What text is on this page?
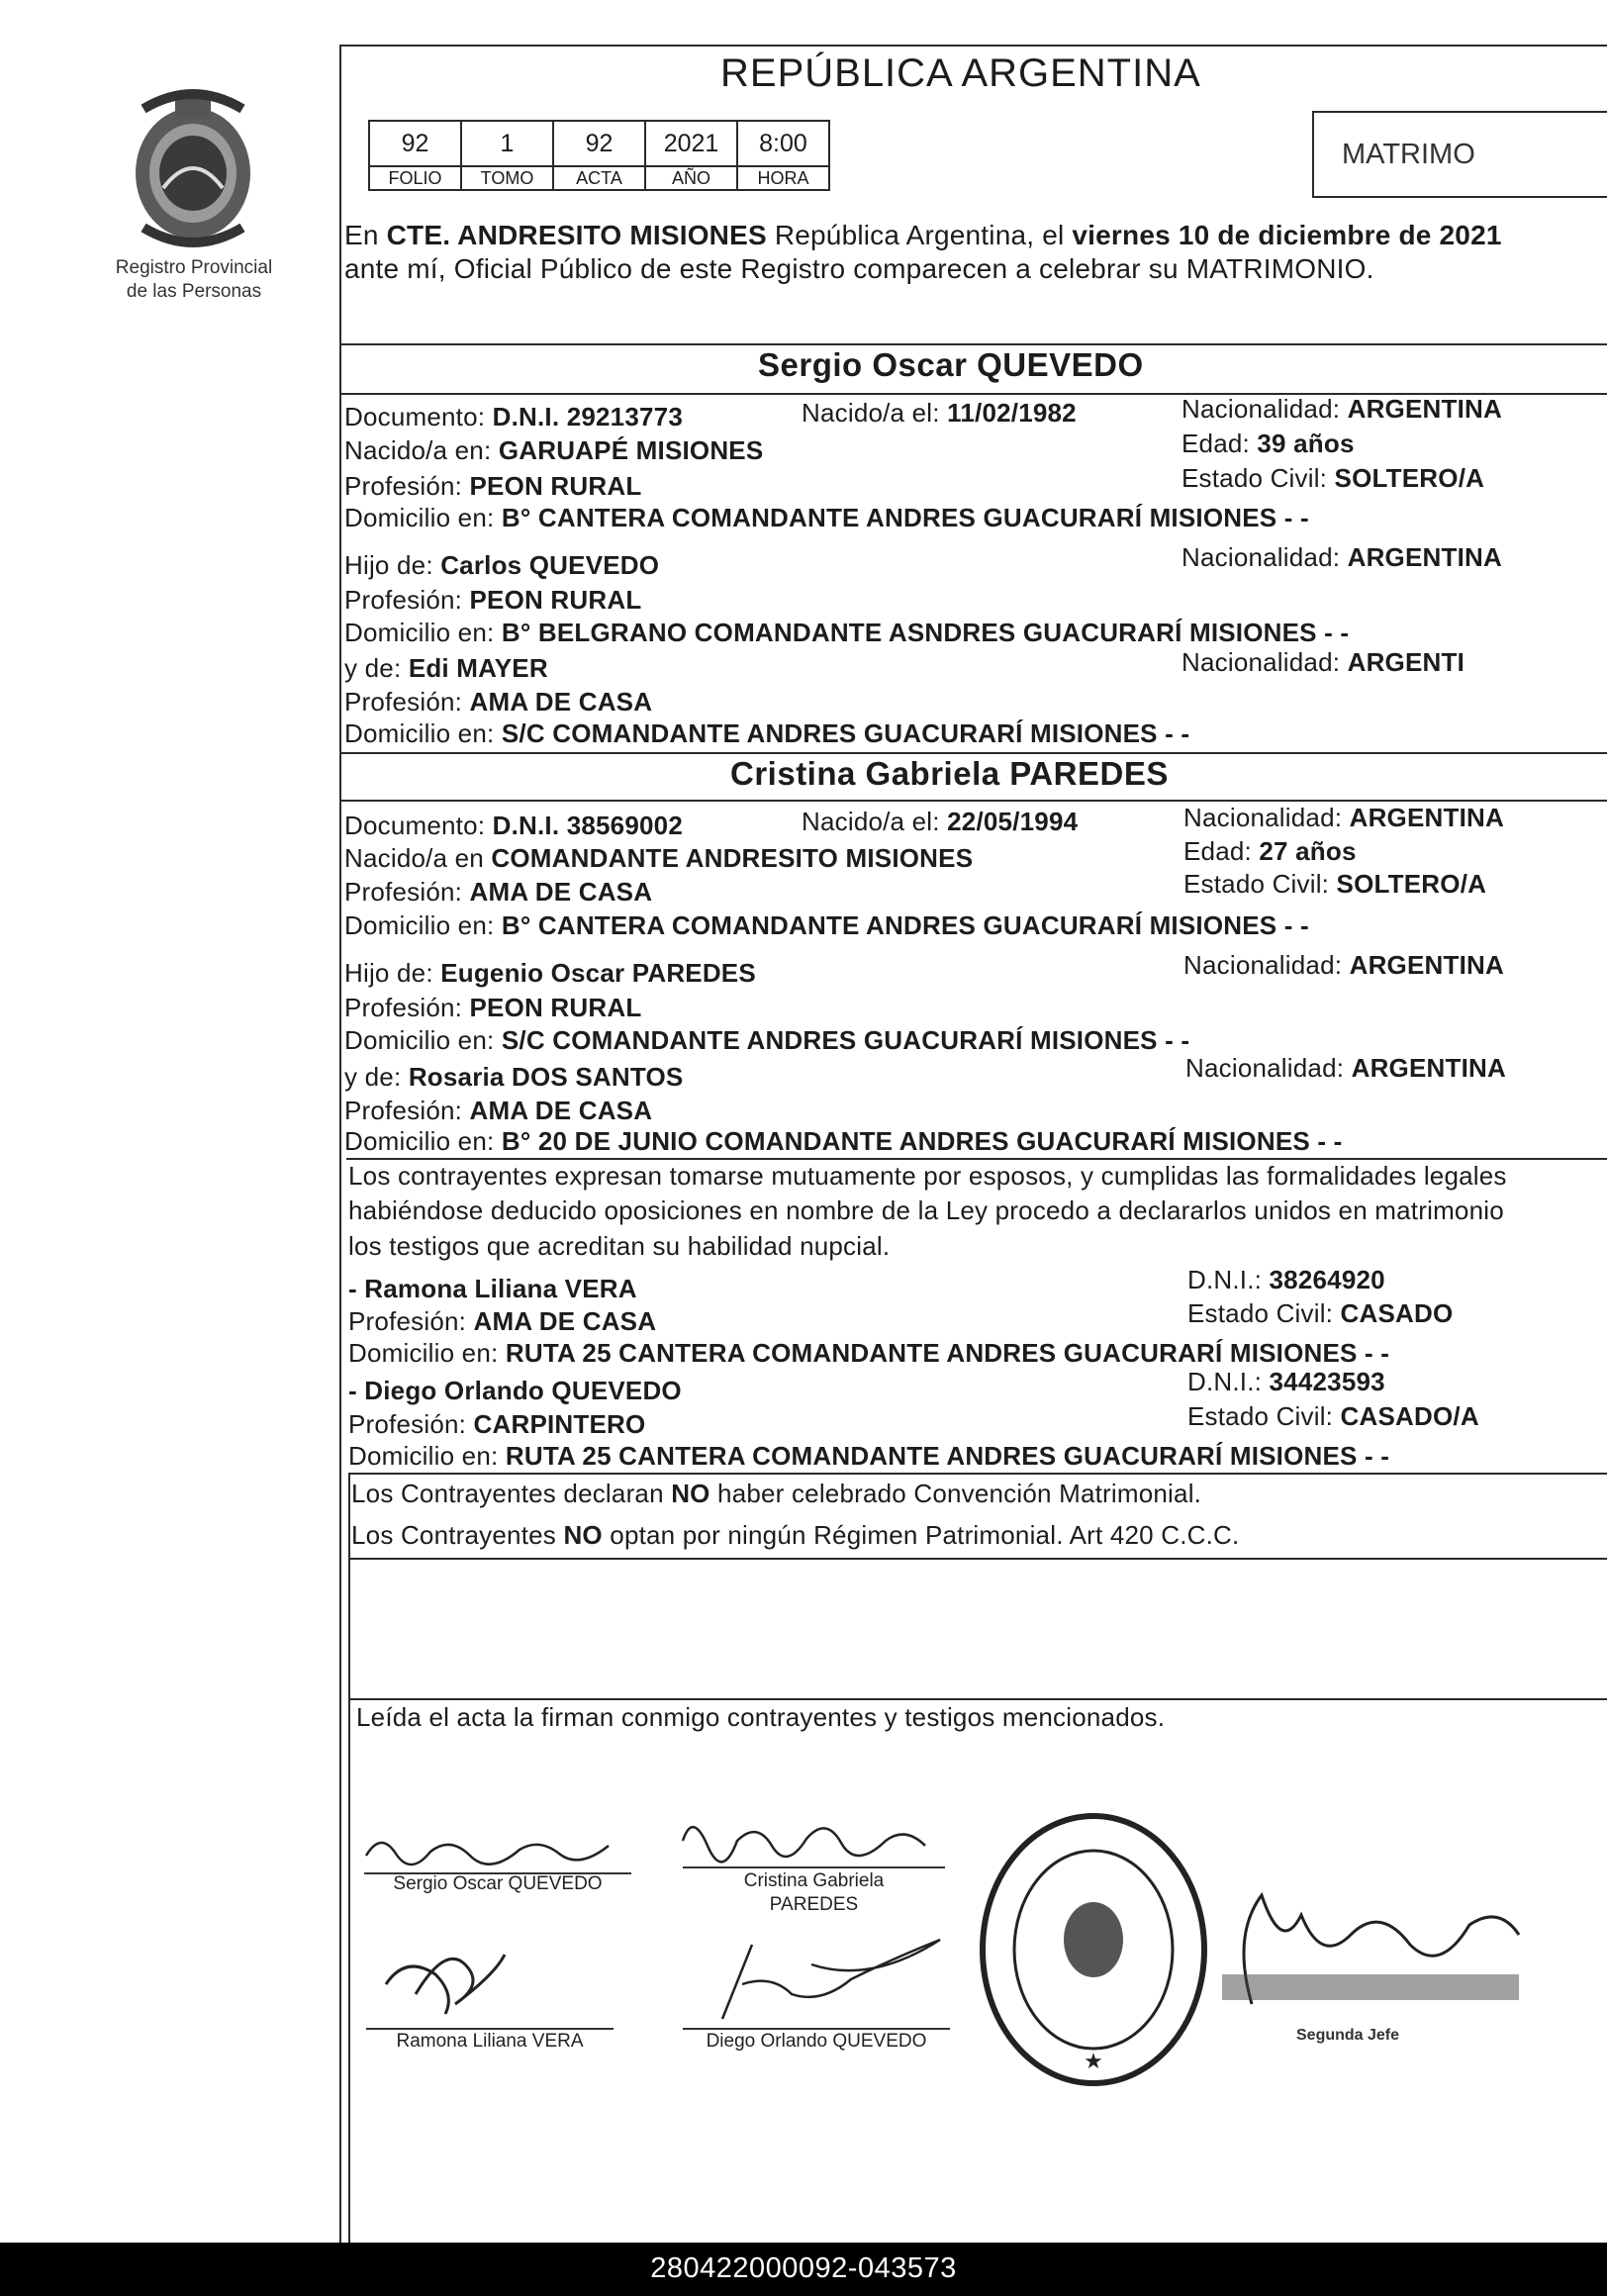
Registro Provincial
de las Personas
REPÚBLICA ARGENTINA
92	1	92	2021	8:00
FOLIO	TOMO	ACTA	AÑO	HORA
MATRIMO
En CTE. ANDRESITO MISIONES República Argentina, el viernes 10 de diciembre de 2021
ante mí, Oficial Público de este Registro comparecen a celebrar su MATRIMONIO.
Sergio Oscar QUEVEDO
Documento: D.N.I. 29213773	Nacido/a el: 11/02/1982	Nacionalidad: ARGENTINA
Nacido/a en: GARUAPÉ MISIONES	Edad: 39 años
Profesión: PEON RURAL	Estado Civil: SOLTERO/A
Domicilio en: B° CANTERA COMANDANTE ANDRES GUACURARÍ MISIONES - -
Hijo de: Carlos QUEVEDO	Nacionalidad: ARGENTINA
Profesión: PEON RURAL
Domicilio en: B° BELGRANO COMANDANTE ASNDRES GUACURARÍ MISIONES - -
y de: Edi MAYER	Nacionalidad: ARGENTI
Profesión: AMA DE CASA
Domicilio en: S/C COMANDANTE ANDRES GUACURARÍ MISIONES - -
Cristina Gabriela PAREDES
Documento: D.N.I. 38569002	Nacido/a el: 22/05/1994	Nacionalidad: ARGENTINA
Nacido/a en COMANDANTE ANDRESITO MISIONES	Edad: 27 años
Profesión: AMA DE CASA	Estado Civil: SOLTERO/A
Domicilio en: B° CANTERA COMANDANTE ANDRES GUACURARÍ MISIONES - -
Hijo de: Eugenio Oscar PAREDES	Nacionalidad: ARGENTINA
Profesión: PEON RURAL
Domicilio en: S/C COMANDANTE ANDRES GUACURARÍ MISIONES - -
y de: Rosaria DOS SANTOS	Nacionalidad: ARGENTINA
Profesión: AMA DE CASA
Domicilio en: B° 20 DE JUNIO COMANDANTE ANDRES GUACURARÍ MISIONES - -
Los contrayentes expresan tomarse mutuamente por esposos, y cumplidas las formalidades legales
habiéndose deducido oposiciones en nombre de la Ley procedo a declararlos unidos en matrimonio
los testigos que acreditan su habilidad nupcial.
- Ramona Liliana VERA	D.N.I.: 38264920
Profesión: AMA DE CASA	Estado Civil: CASADO
Domicilio en: RUTA 25 CANTERA COMANDANTE ANDRES GUACURARÍ MISIONES - -
- Diego Orlando QUEVEDO	D.N.I.: 34423593
Profesión: CARPINTERO	Estado Civil: CASADO/A
Domicilio en: RUTA 25 CANTERA COMANDANTE ANDRES GUACURARÍ MISIONES - -
Los Contrayentes declaran NO haber celebrado Convención Matrimonial.
Los Contrayentes NO optan por ningún Régimen Patrimonial. Art 420 C.C.C.
Leída el acta la firman conmigo contrayentes y testigos mencionados.
Sergio Oscar QUEVEDO	Cristina Gabriela
PAREDES
Ramona Liliana VERA	Diego Orlando QUEVEDO
★
Segunda Jefe
280422000092-043573
